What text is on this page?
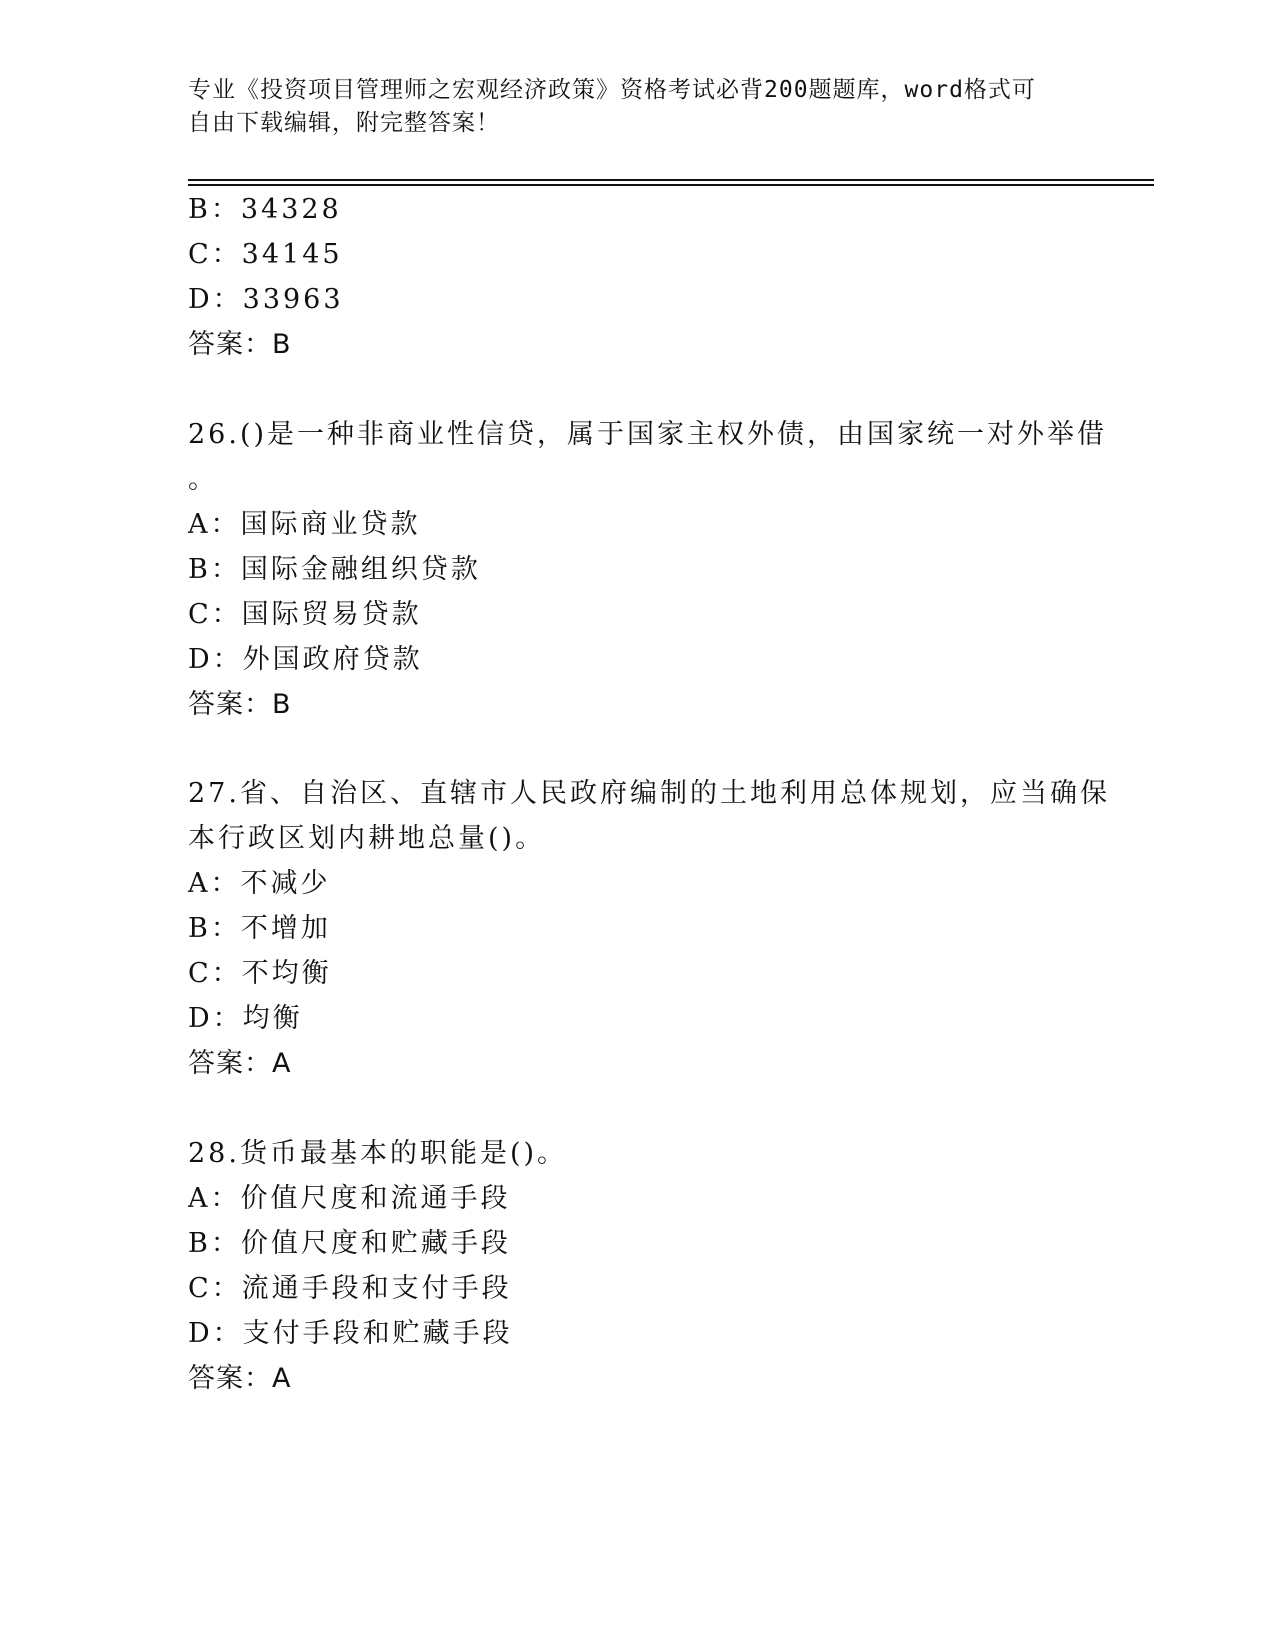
专业《投资项目管理师之宏观经济政策》资格考试必背200题题库，word格式可
自由下载编辑，附完整答案！
B：34328
C：34145
D：33963
答案：B
26.()是一种非商业性信贷，属于国家主权外债，由国家统一对外举借
。
A：国际商业贷款
B：国际金融组织贷款
C：国际贸易贷款
D：外国政府贷款
答案：B
27.省、自治区、直辖市人民政府编制的土地利用总体规划，应当确保
本行政区划内耕地总量()。
A：不减少
B：不增加
C：不均衡
D：均衡
答案：A
28.货币最基本的职能是()。
A：价值尺度和流通手段
B：价值尺度和贮藏手段
C：流通手段和支付手段
D：支付手段和贮藏手段
答案：A
